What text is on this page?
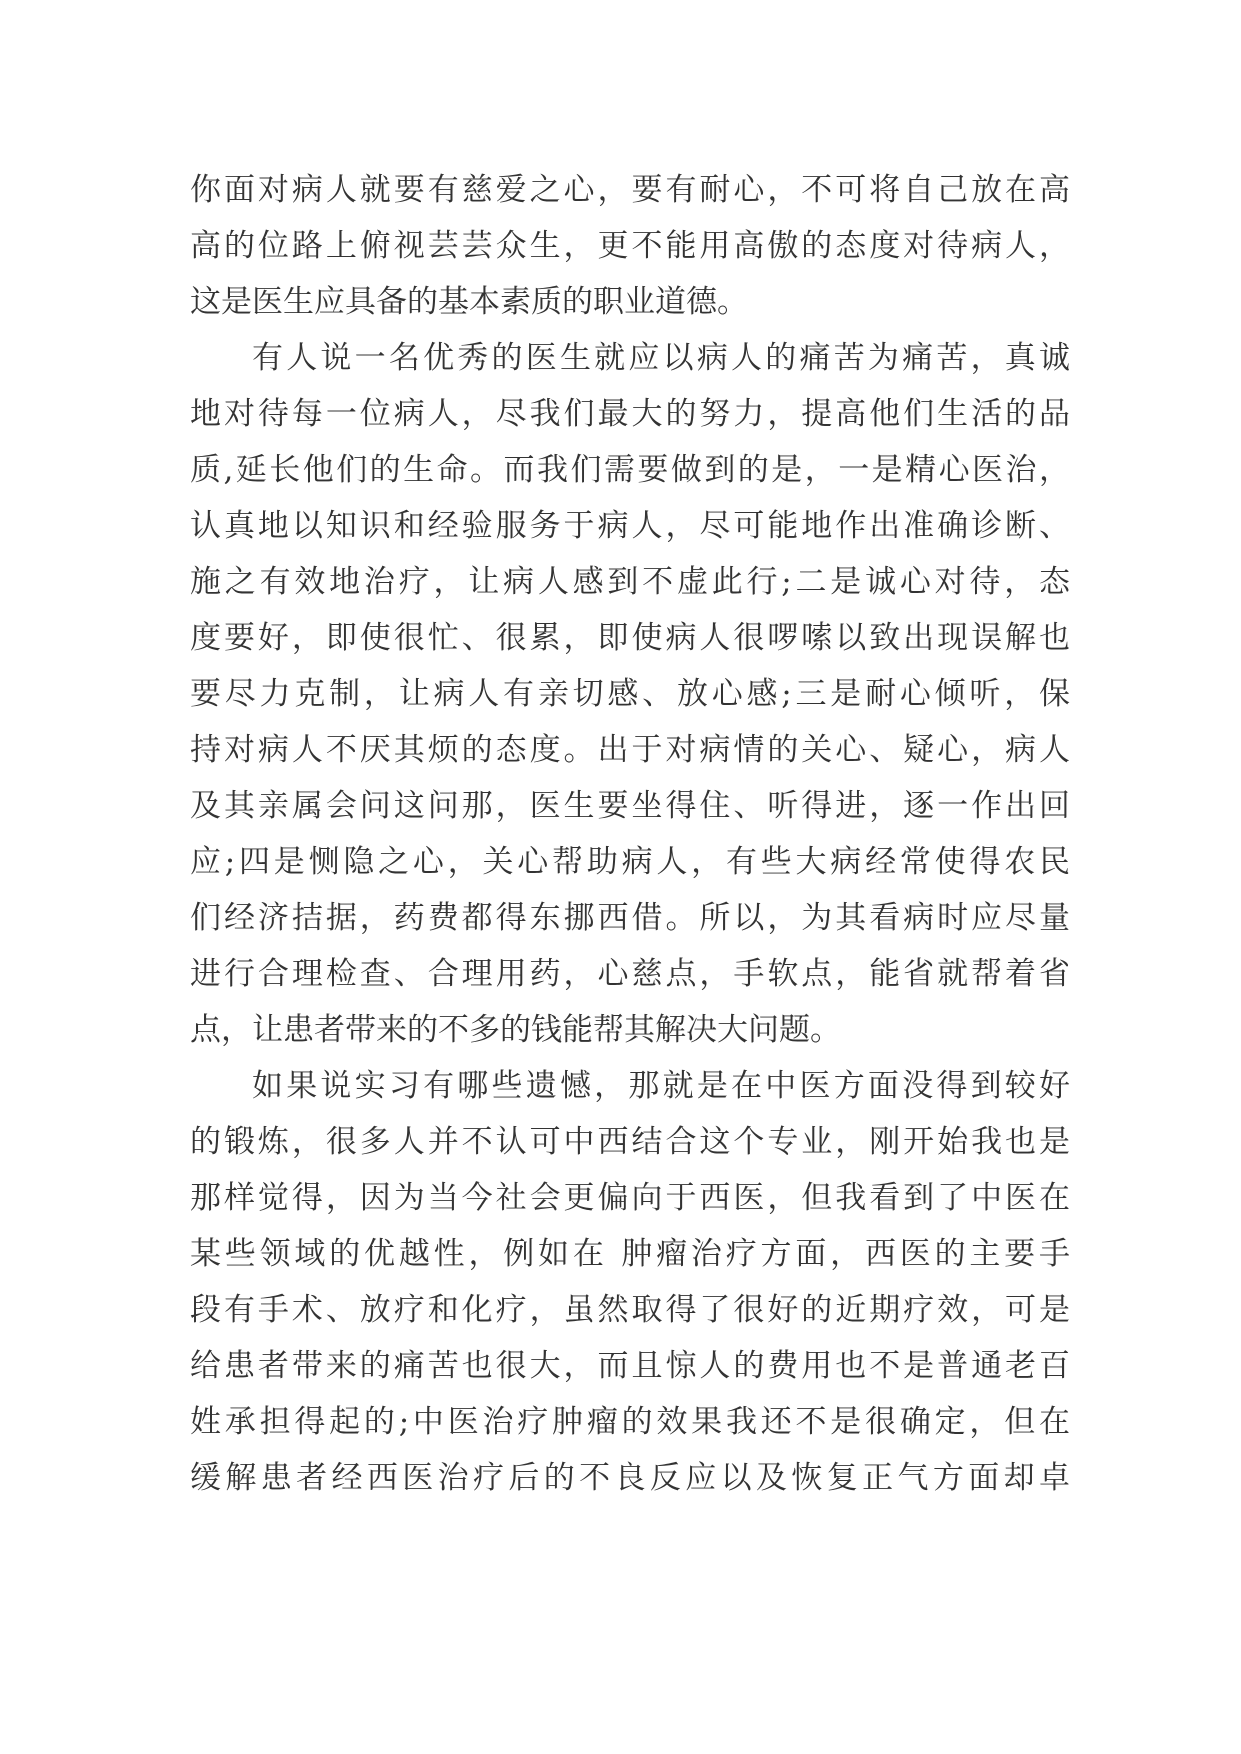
你面对病人就要有慈爱之心，要有耐心，不可将自己放在高
高的位路上俯视芸芸众生，更不能用高傲的态度对待病人，
这是医生应具备的基本素质的职业道德。
有人说一名优秀的医生就应以病人的痛苦为痛苦，真诚
地对待每一位病人，尽我们最大的努力，提高他们生活的品
质,延长他们的生命。而我们需要做到的是，一是精心医治，
认真地以知识和经验服务于病人，尽可能地作出准确诊断、
施之有效地治疗，让病人感到不虚此行;二是诚心对待，态
度要好，即使很忙、很累，即使病人很啰嗦以致出现误解也
要尽力克制，让病人有亲切感、放心感;三是耐心倾听，保
持对病人不厌其烦的态度。出于对病情的关心、疑心，病人
及其亲属会问这问那，医生要坐得住、听得进，逐一作出回
应;四是恻隐之心，关心帮助病人，有些大病经常使得农民
们经济拮据，药费都得东挪西借。所以，为其看病时应尽量
进行合理检查、合理用药，心慈点，手软点，能省就帮着省
点，让患者带来的不多的钱能帮其解决大问题。
如果说实习有哪些遗憾，那就是在中医方面没得到较好
的锻炼，很多人并不认可中西结合这个专业，刚开始我也是
那样觉得，因为当今社会更偏向于西医，但我看到了中医在
某些领域的优越性，例如在 肿瘤治疗方面，西医的主要手
段有手术、放疗和化疗，虽然取得了很好的近期疗效，可是
给患者带来的痛苦也很大，而且惊人的费用也不是普通老百
姓承担得起的;中医治疗肿瘤的效果我还不是很确定，但在
缓解患者经西医治疗后的不良反应以及恢复正气方面却卓
